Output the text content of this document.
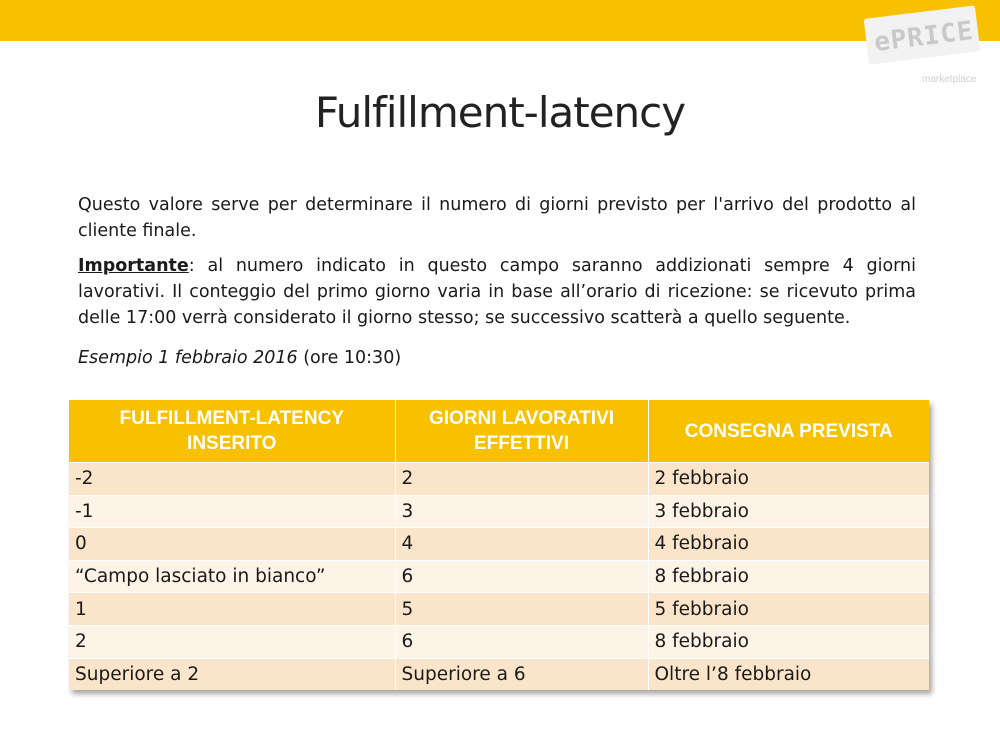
ePRICE
marketplace
Fulfillment-latency
Questo valore serve per determinare il numero di giorni previsto per l'arrivo del prodotto al cliente finale.
Importante: al numero indicato in questo campo saranno addizionati sempre 4 giorni lavorativi. Il conteggio del primo giorno varia in base all’orario di ricezione: se ricevuto prima delle 17:00 verrà considerato il giorno stesso; se successivo scatterà a quello seguente.
Esempio 1 febbraio 2016 (ore 10:30)
FULFILLMENT-LATENCY INSERITO	GIORNI LAVORATIVI EFFETTIVI	CONSEGNA PREVISTA
-2	2	2 febbraio
-1	3	3 febbraio
0	4	4 febbraio
“Campo lasciato in bianco”	6	8 febbraio
1	5	5 febbraio
2	6	8 febbraio
Superiore a 2	Superiore a 6	Oltre l’8 febbraio
